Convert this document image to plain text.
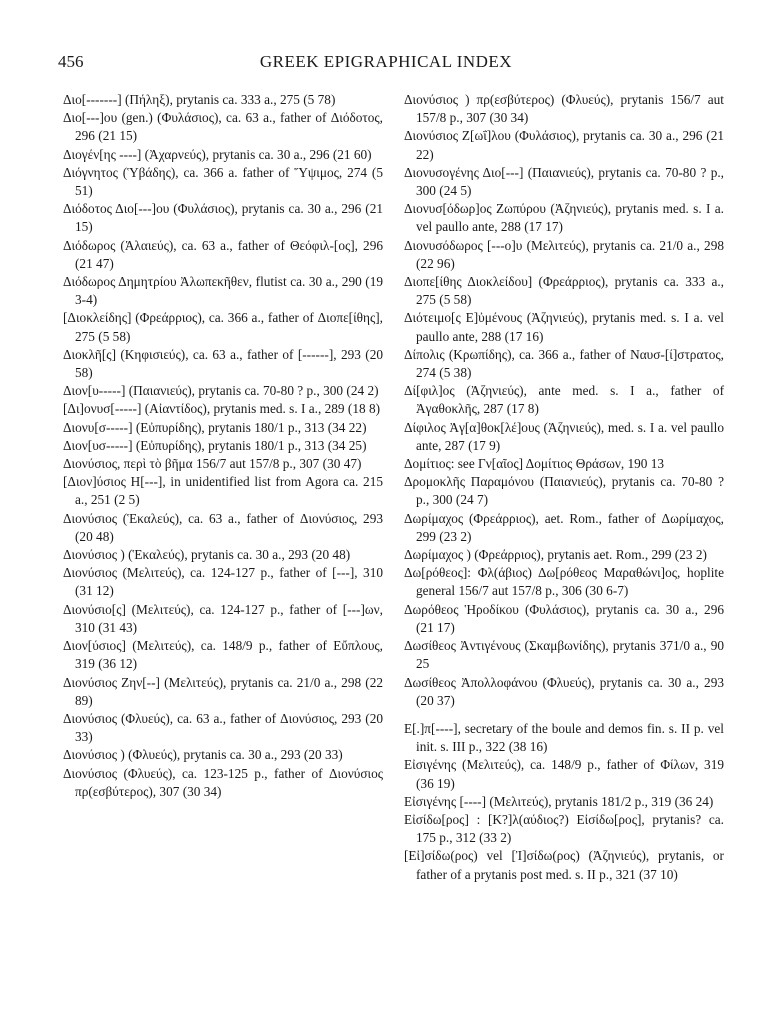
456	GREEK EPIGRAPHICAL INDEX

Διο[-------] (Πήληξ), prytanis ca. 333 a., 275 (5 78)

Διο[---]ου (gen.) (Φυλάσιος), ca. 63 a., father of Διόδοτος, 296 (21 15)

Διογέν[ης ----] (Ἀχαρνεύς), prytanis ca. 30 a., 296 (21 60)

Διόγνητος (Ὑβάδης), ca. 366 a. father of Ὕψιμος, 274 (5 51)

Διόδοτος Διο[---]ου (Φυλάσιος), prytanis ca. 30 a., 296 (21 15)

Διόδωρος (Ἁλαιεύς), ca. 63 a., father of Θεόφιλ-[ος], 296 (21 47)

Διόδωρος Δημητρίου Ἀλωπεκῆθεν, flutist ca. 30 a., 290 (19 3-4)

[Διοκλείδης] (Φρεάρριος), ca. 366 a., father of Διοπε[ίθης], 275 (5 58)

Διοκλῆ[ς] (Κηφισιεύς), ca. 63 a., father of [------], 293 (20 58)

Διον[υ-----] (Παιανιεύς), prytanis ca. 70-80 ? p., 300 (24 2)

[Δι]ονυσ[-----] (Αἰαντίδος), prytanis med. s. I a., 289 (18 8)

Διονυ[σ-----] (Εὐπυρίδης), prytanis 180/1 p., 313 (34 22)

Διον[υσ-----] (Εὐπυρίδης), prytanis 180/1 p., 313 (34 25)

Διονύσιος, περὶ τὸ βῆμα 156/7 aut 157/8 p., 307 (30 47)

[Διον]ύσιος Η[---], in unidentified list from Agora ca. 215 a., 251 (2 5)

Διονύσιος (Ἑκαλεύς), ca. 63 a., father of Διονύσιος, 293 (20 48)

Διονύσιος ) (Ἑκαλεύς), prytanis ca. 30 a., 293 (20 48)

Διονύσιος (Μελιτεύς), ca. 124-127 p., father of [---], 310 (31 12)

Διονύσιο[ς] (Μελιτεύς), ca. 124-127 p., father of [---]ων, 310 (31 43)

Διον[ύσιος] (Μελιτεύς), ca. 148/9 p., father of Εὔπλους, 319 (36 12)

Διονύσιος Ζην[--] (Μελιτεύς), prytanis ca. 21/0 a., 298 (22 89)

Διονύσιος (Φλυεύς), ca. 63 a., father of Διονύσιος, 293 (20 33)

Διονύσιος ) (Φλυεύς), prytanis ca. 30 a., 293 (20 33)

Διονύσιος (Φλυεύς), ca. 123-125 p., father of Διονύσιος πρ(εσβύτερος), 307 (30 34)

Διονύσιος ) πρ(εσβύτερος) (Φλυεύς), prytanis 156/7 aut 157/8 p., 307 (30 34)

Διονύσιος Ζ[ωΐ]λου (Φυλάσιος), prytanis ca. 30 a., 296 (21 22)

Διονυσογένης Διο[---] (Παιανιεύς), prytanis ca. 70-80 ? p., 300 (24 5)

Διονυσ[όδωρ]ος Ζωπύρου (Ἀζηνιεύς), prytanis med. s. I a. vel paullo ante, 288 (17 17)

Διονυσόδωρος [---ο]υ (Μελιτεύς), prytanis ca. 21/0 a., 298 (22 96)

Διοπε[ίθης Διοκλείδου] (Φρεάρριος), prytanis ca. 333 a., 275 (5 58)

Διότειμο[ς Ε]ὐμένους (Ἀζηνιεύς), prytanis med. s. I a. vel paullo ante, 288 (17 16)

Δίπολις (Κρωπίδης), ca. 366 a., father of Ναυσ-[ί]στρατος, 274 (5 38)

Δί[φιλ]ος (Ἀζηνιεύς), ante med. s. I a., father of Ἀγαθοκλῆς, 287 (17 8)

Δίφιλος Ἀγ[α]θοκ[λέ]ους (Ἀζηνιεύς), med. s. I a. vel paullo ante, 287 (17 9)

Δομίτιος: see Γν[αῖος] Δομίτιος Θράσων, 190 13

Δρομοκλῆς Παραμόνου (Παιανιεύς), prytanis ca. 70-80 ? p., 300 (24 7)

Δωρίμαχος (Φρεάρριος), aet. Rom., father of Δωρίμαχος, 299 (23 2)

Δωρίμαχος ) (Φρεάρριος), prytanis aet. Rom., 299 (23 2)

Δω[ρόθεος]: Φλ(άβιος) Δω[ρόθεος Μαραθώνι]ος, hoplite general 156/7 aut 157/8 p., 306 (30 6-7)

Δωρόθεος Ἡροδίκου (Φυλάσιος), prytanis ca. 30 a., 296 (21 17)

Δωσίθεος Ἀντιγένους (Σκαμβωνίδης), prytanis 371/0 a., 90 25

Δωσίθεος Ἀπολλοφάνου (Φλυεύς), prytanis ca. 30 a., 293 (20 37)

Ε[.]π[----], secretary of the boule and demos fin. s. II p. vel init. s. III p., 322 (38 16)

Εἰσιγένης (Μελιτεύς), ca. 148/9 p., father of Φίλων, 319 (36 19)

Εἰσιγένης [----] (Μελιτεύς), prytanis 181/2 p., 319 (36 24)

Εἰσίδω[ρος] : [Κ?]λ(αύδιος?) Εἰσίδω[ρος], prytanis? ca. 175 p., 312 (33 2)

[Εἰ]σίδω(ρος) vel [Ἰ]σίδω(ρος) (Ἀζηνιεύς), prytanis, or father of a prytanis post med. s. II p., 321 (37 10)
